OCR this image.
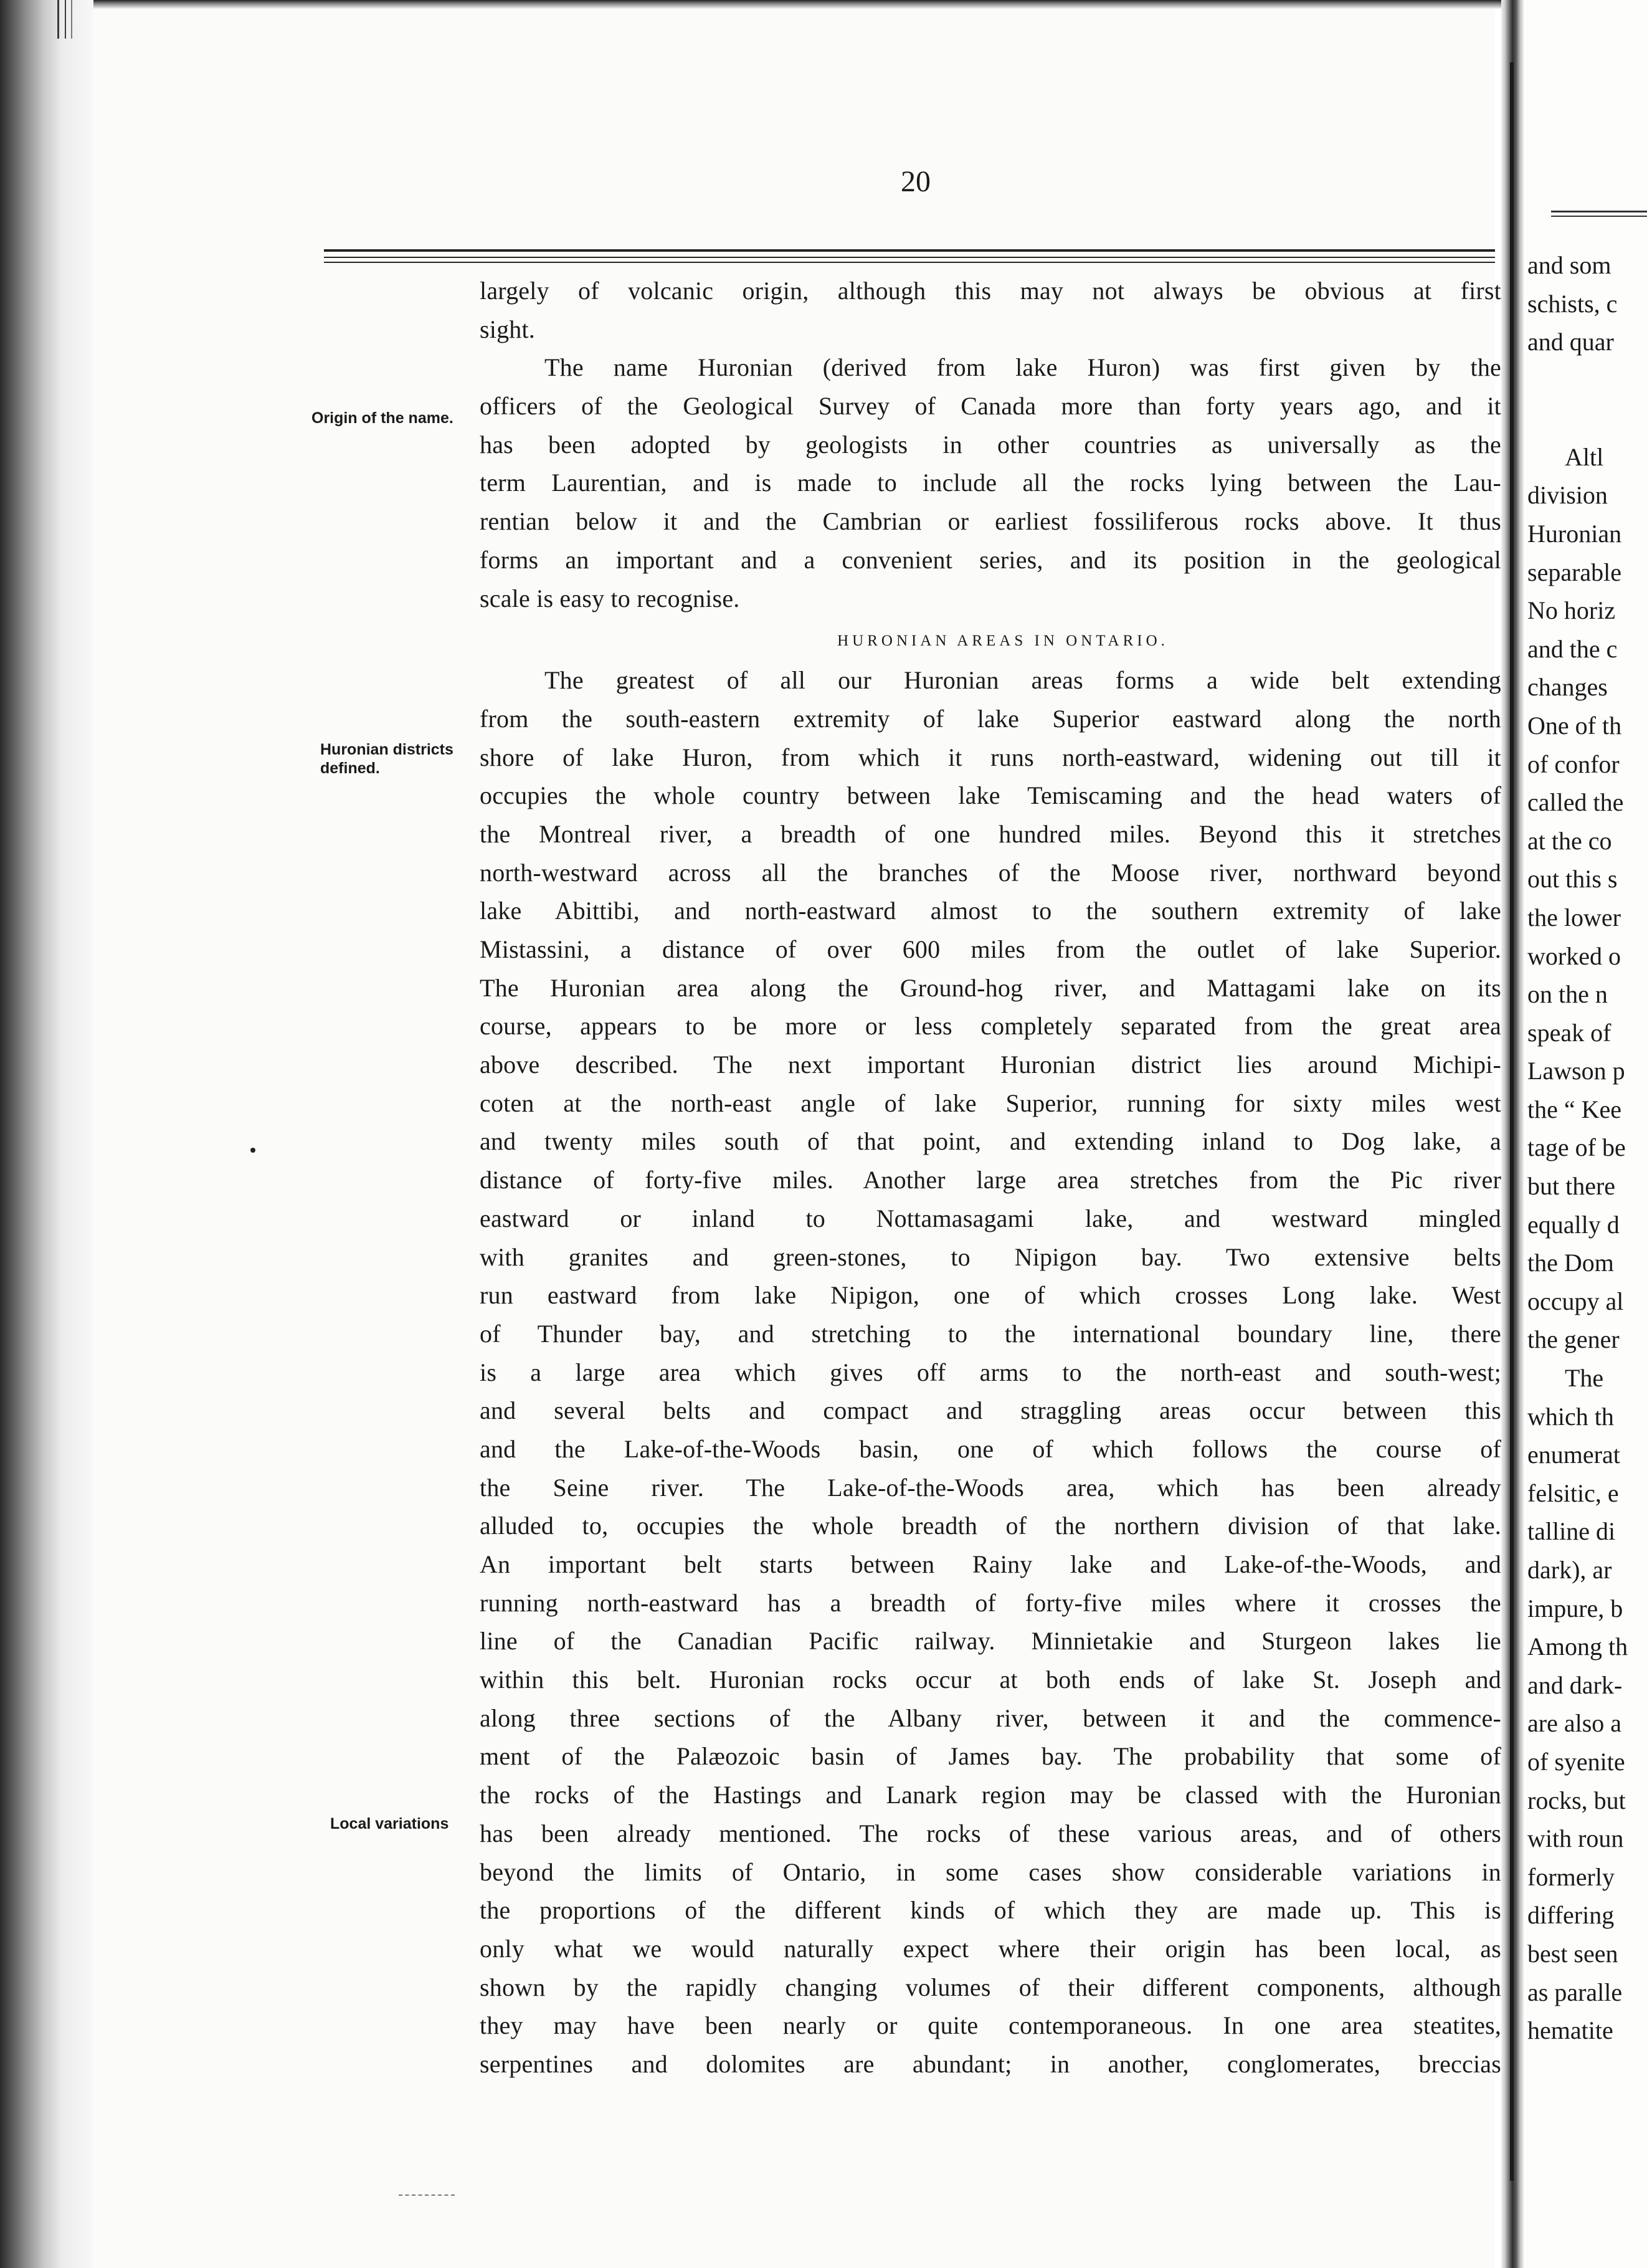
20
Origin of the name.
Huronian districts defined.
Local variations
largely of volcanic origin, although this may not always be obvious at first
sight.
The name Huronian (derived from lake Huron) was first given by the
officers of the Geological Survey of Canada more than forty years ago, and it
has been adopted by geologists in other countries as universally as the
term Laurentian, and is made to include all the rocks lying between the Lau-
rentian below it and the Cambrian or earliest fossiliferous rocks above. It thus
forms an important and a convenient series, and its position in the geological
scale is easy to recognise.
HURONIAN AREAS IN ONTARIO.
The greatest of all our Huronian areas forms a wide belt extending
from the south-eastern extremity of lake Superior eastward along the north
shore of lake Huron, from which it runs north-eastward, widening out till it
occupies the whole country between lake Temiscaming and the head waters of
the Montreal river, a breadth of one hundred miles. Beyond this it stretches
north-westward across all the branches of the Moose river, northward beyond
lake Abittibi, and north-eastward almost to the southern extremity of lake
Mistassini, a distance of over 600 miles from the outlet of lake Superior.
The Huronian area along the Ground-hog river, and Mattagami lake on its
course, appears to be more or less completely separated from the great area
above described. The next important Huronian district lies around Michipi-
coten at the north-east angle of lake Superior, running for sixty miles west
and twenty miles south of that point, and extending inland to Dog lake, a
distance of forty-five miles. Another large area stretches from the Pic river
eastward or inland to Nottamasagami lake, and westward mingled
with granites and green-stones, to Nipigon bay. Two extensive belts
run eastward from lake Nipigon, one of which crosses Long lake. West
of Thunder bay, and stretching to the international boundary line, there
is a large area which gives off arms to the north-east and south-west;
and several belts and compact and straggling areas occur between this
and the Lake-of-the-Woods basin, one of which follows the course of
the Seine river. The Lake-of-the-Woods area, which has been already
alluded to, occupies the whole breadth of the northern division of that lake.
An important belt starts between Rainy lake and Lake-of-the-Woods, and
running north-eastward has a breadth of forty-five miles where it crosses the
line of the Canadian Pacific railway. Minnietakie and Sturgeon lakes lie
within this belt. Huronian rocks occur at both ends of lake St. Joseph and
along three sections of the Albany river, between it and the commence-
ment of the Palæozoic basin of James bay. The probability that some of
the rocks of the Hastings and Lanark region may be classed with the Huronian
has been already mentioned. The rocks of these various areas, and of others
beyond the limits of Ontario, in some cases show considerable variations in
the proportions of the different kinds of which they are made up. This is
only what we would naturally expect where their origin has been local, as
shown by the rapidly changing volumes of their different components, although
they may have been nearly or quite contemporaneous. In one area steatites,
serpentines and dolomites are abundant; in another, conglomerates, breccias
and som
schists, c
and quar
Altl
division
Huronian
separable
No horiz
and the c
changes
One of th
of confor
called the
at the co
out this s
the lower
worked o
on the n
speak of
Lawson p
the “ Kee
tage of be
but there
equally d
the Dom
occupy al
the gener
The
which th
enumerat
felsitic, e
talline di
dark), ar
impure, b
Among th
and dark-
are also a
of syenite
rocks, but
with roun
formerly
differing
best seen
as paralle
hematite
